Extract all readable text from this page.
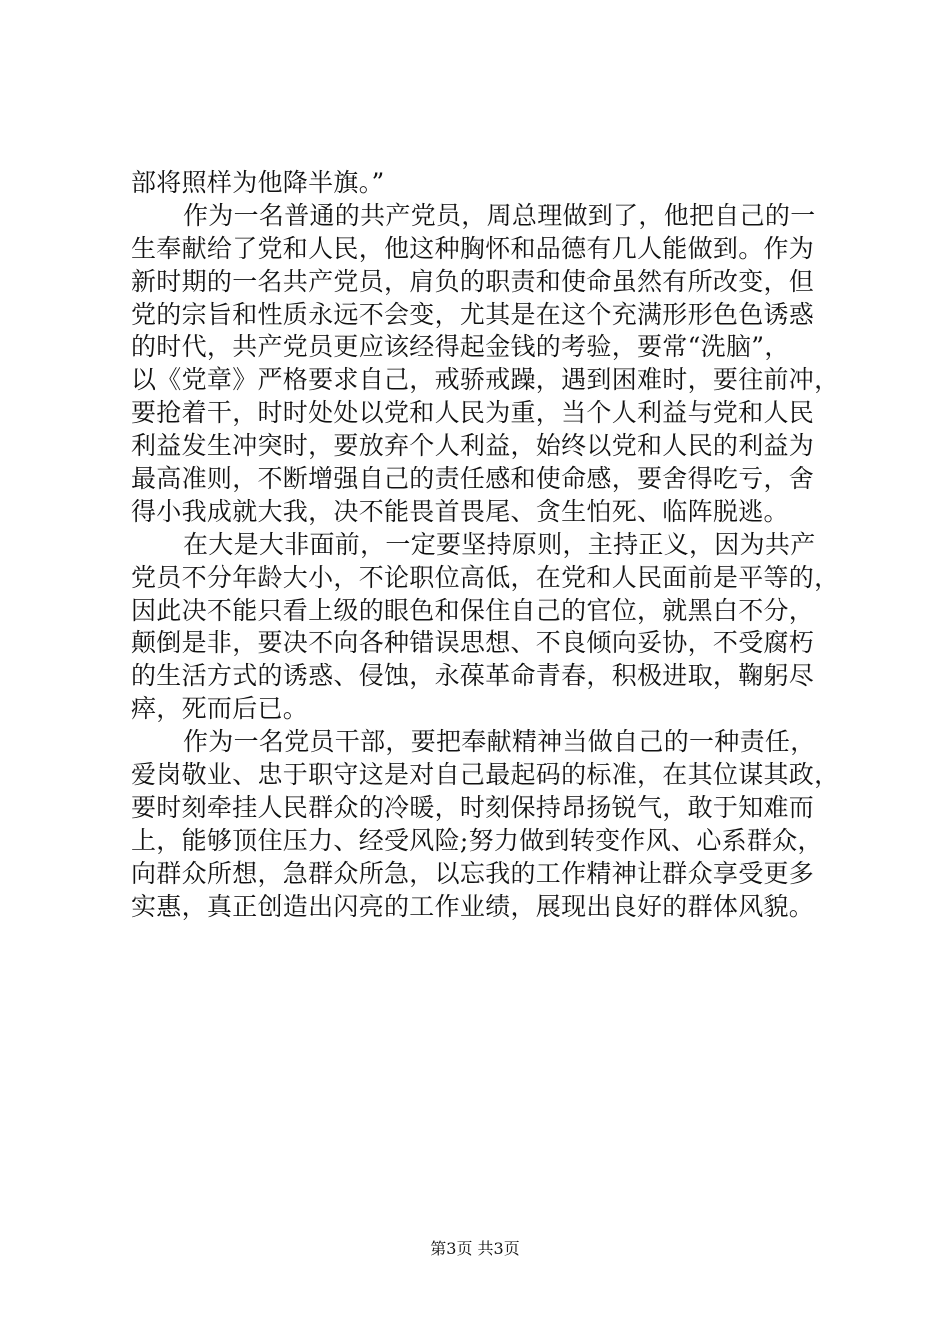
部将照样为他降半旗。”
作为一名普通的共产党员，周总理做到了，他把自己的一
生奉献给了党和人民，他这种胸怀和品德有几人能做到。作为
新时期的一名共产党员，肩负的职责和使命虽然有所改变，但
党的宗旨和性质永远不会变，尤其是在这个充满形形色色诱惑
的时代，共产党员更应该经得起金钱的考验，要常“洗脑”，
以《党章》严格要求自己，戒骄戒躁，遇到困难时，要往前冲，
要抢着干，时时处处以党和人民为重，当个人利益与党和人民
利益发生冲突时，要放弃个人利益，始终以党和人民的利益为
最高准则，不断增强自己的责任感和使命感，要舍得吃亏，舍
得小我成就大我，决不能畏首畏尾、贪生怕死、临阵脱逃。
在大是大非面前，一定要坚持原则，主持正义，因为共产
党员不分年龄大小，不论职位高低，在党和人民面前是平等的，
因此决不能只看上级的眼色和保住自己的官位，就黑白不分，
颠倒是非，要决不向各种错误思想、不良倾向妥协，不受腐朽
的生活方式的诱惑、侵蚀，永葆革命青春，积极进取，鞠躬尽
瘁，死而后已。
作为一名党员干部，要把奉献精神当做自己的一种责任，
爱岗敬业、忠于职守这是对自己最起码的标准，在其位谋其政，
要时刻牵挂人民群众的冷暖，时刻保持昂扬锐气，敢于知难而
上，能够顶住压力、经受风险;努力做到转变作风、心系群众，
向群众所想，急群众所急，以忘我的工作精神让群众享受更多
实惠，真正创造出闪亮的工作业绩，展现出良好的群体风貌。
第3页 共3页
